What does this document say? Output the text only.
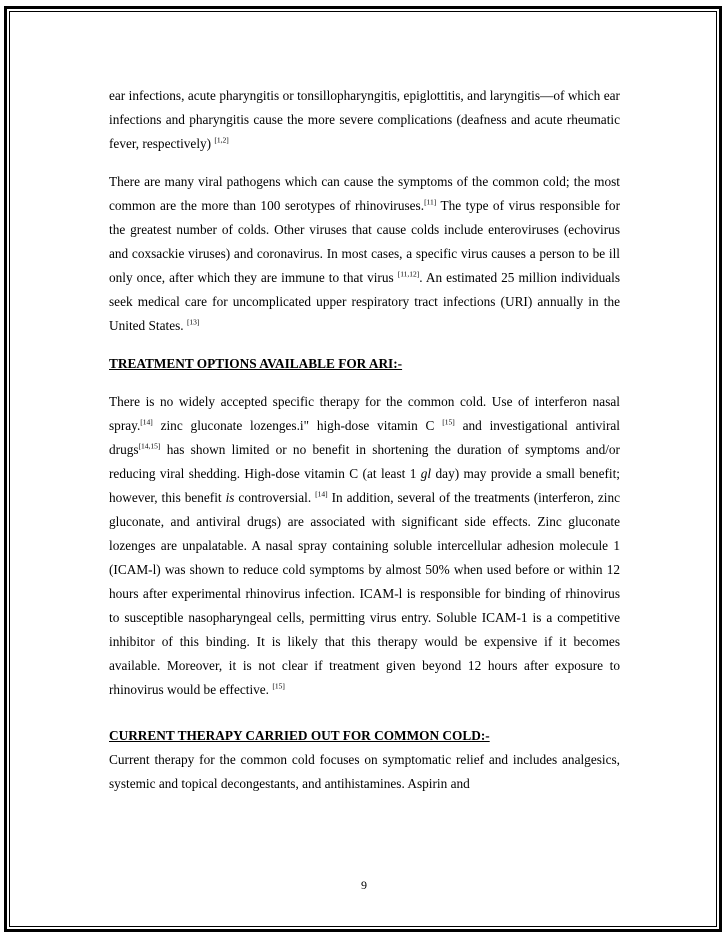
ear infections, acute pharyngitis or tonsillopharyngitis, epiglottitis, and laryngitis—of which ear infections and pharyngitis cause the more severe complications (deafness and acute rheumatic fever, respectively) [1,2]

There are many viral pathogens which can cause the symptoms of the common cold; the most common are the more than 100 serotypes of rhinoviruses.[11] The type of virus responsible for the greatest number of colds. Other viruses that cause colds include enteroviruses (echovirus and coxsackie viruses) and coronavirus. In most cases, a specific virus causes a person to be ill only once, after which they are immune to that virus [11,12]. An estimated 25 million individuals seek medical care for uncomplicated upper respiratory tract infections (URI) annually in the United States. [13]

TREATMENT OPTIONS AVAILABLE FOR ARI:-

There is no widely accepted specific therapy for the common cold. Use of interferon nasal spray.[14] zinc gluconate lozenges.i" high-dose vitamin C [15] and investigational antiviral drugs[14,15] has shown limited or no benefit in shortening the duration of symptoms and/or reducing viral shedding. High-dose vitamin C (at least 1 gl day) may provide a small benefit; however, this benefit is controversial. [14] In addition, several of the treatments (interferon, zinc gluconate, and antiviral drugs) are associated with significant side effects. Zinc gluconate lozenges are unpalatable. A nasal spray containing soluble intercellular adhesion molecule 1 (ICAM-l) was shown to reduce cold symptoms by almost 50% when used before or within 12 hours after experimental rhinovirus infection. ICAM-l is responsible for binding of rhinovirus to susceptible nasopharyngeal cells, permitting virus entry. Soluble ICAM-1 is a competitive inhibitor of this binding. It is likely that this therapy would be expensive if it becomes available. Moreover, it is not clear if treatment given beyond 12 hours after exposure to rhinovirus would be effective. [15]

CURRENT THERAPY CARRIED OUT FOR COMMON COLD:-

Current therapy for the common cold focuses on symptomatic relief and includes analgesics, systemic and topical decongestants, and antihistamines. Aspirin and

9
